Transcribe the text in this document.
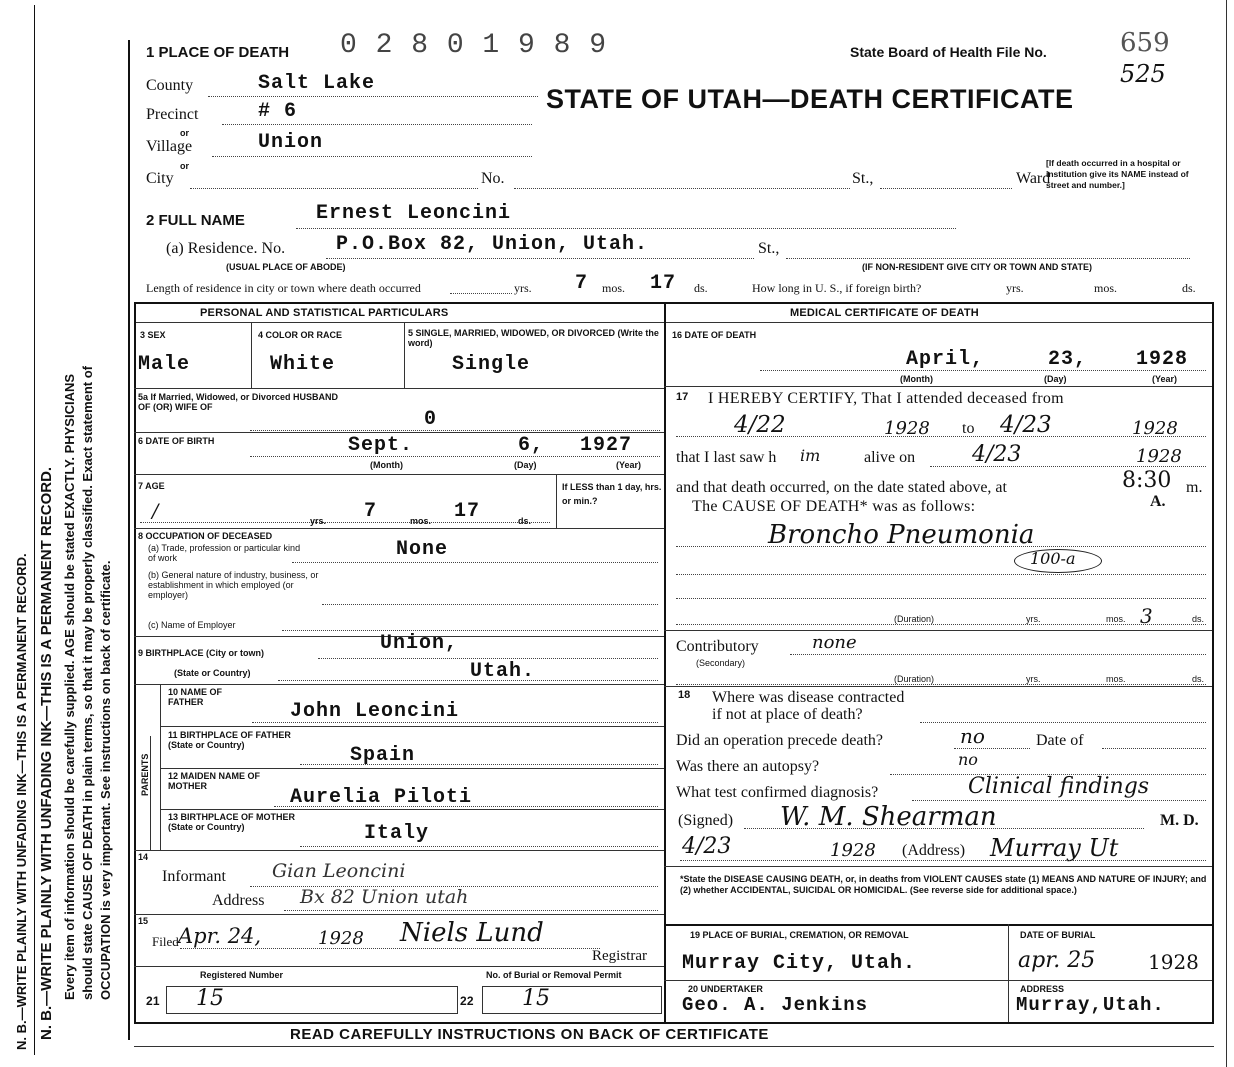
N. B.—WRITE PLAINLY WITH UNFADING INK—THIS IS A PERMANENT RECORD. N. B.—WRITE PLAINLY WITH UNFADING INK—THIS IS A PERMANENT RECORD. Every item of information should be carefully supplied. AGE should be stated EXACTLY. PHYSICIANS should state CAUSE OF DEATH in plain terms, so that it may be properly classified. Exact statement of OCCUPATION is very important. See instructions on back of certificate.
1 PLACE OF DEATH 0 2 8 0 1 9 8 9	State Board of Health File No.	659
525
STATE OF UTAH—DEATH CERTIFICATE
County	Salt Lake
Precinct	# 6
or
Village	Union
or
City	No.	St.,	Ward
[If death occurred in a hospital or institution give its NAME instead of street and number.]
2 FULL NAME	Ernest Leoncini
(a) Residence. No.	P.O.Box 82, Union, Utah.	St.,
(USUAL PLACE OF ABODE)	(IF NON-RESIDENT GIVE CITY OR TOWN AND STATE)
Length of residence in city or town where death occurred	yrs. 7 mos. 17 ds.	How long in U. S., if foreign birth?	yrs.	mos.	ds.
PERSONAL AND STATISTICAL PARTICULARS	MEDICAL CERTIFICATE OF DEATH
3 SEX
Male
4 COLOR OR RACE
White
5 SINGLE, MARRIED, WIDOWED, OR DIVORCED (Write the word)
Single
5a If Married, Widowed, or Divorced HUSBAND OF (OR) WIFE OF
0
6 DATE OF BIRTH	Sept.	6, 1927
(Month)	(Day)	(Year)
7 AGE
/	yrs. 7	mos. 17	ds.
If LESS than 1 day, hrs. or min.?
8 OCCUPATION OF DECEASED
(a) Trade, profession or particular kind of work	None
(b) General nature of industry, business, or establishment in which employed (or employer)
(c) Name of Employer
9 BIRTHPLACE (City or town)	Union,
(State or Country)	Utah.
PARENTS
10 NAME OF FATHER	John Leoncini
11 BIRTHPLACE OF FATHER (State or Country)	Spain
12 MAIDEN NAME OF MOTHER	Aurelia Piloti
13 BIRTHPLACE OF MOTHER (State or Country)	Italy
14
Informant Gian Leoncini
Address Bx 82 Union utah
15
Filed Apr. 24,	1928 Niels Lund
Registrar
Registered Number	No. of Burial or Removal Permit
21 15	22 15
16 DATE OF DEATH
April,	23, 1928
(Month)	(Day)	(Year)
17 I HEREBY CERTIFY, That I attended deceased from
4/22	1928 to 4/23	1928
that I last saw h im	alive on	4/23	1928
and that death occurred, on the date stated above, at	8:30 m.
A.
The CAUSE OF DEATH* was as follows:
Broncho Pneumonia
100-a
(Duration)	yrs.	mos. 3	ds.
Contributory	none
(Secondary)
(Duration)	yrs.	mos.	ds.
18 Where was disease contracted
if not at place of death?
Did an operation precede death?	no	Date of
Was there an autopsy?	no
What test confirmed diagnosis?	Clinical findings
(Signed) W. M. Shearman	M. D.
4/23	1928 (Address) Murray Ut
*State the DISEASE CAUSING DEATH, or, in deaths from VIOLENT CAUSES state (1) MEANS AND NATURE OF INJURY; and (2) whether ACCIDENTAL, SUICIDAL OR HOMICIDAL. (See reverse side for additional space.)
19 PLACE OF BURIAL, CREMATION, OR REMOVAL	DATE OF BURIAL
Murray City, Utah.	apr. 25	1928
20 UNDERTAKER
Geo. A. Jenkins
ADDRESS
Murray,Utah.
READ CAREFULLY INSTRUCTIONS ON BACK OF CERTIFICATE
